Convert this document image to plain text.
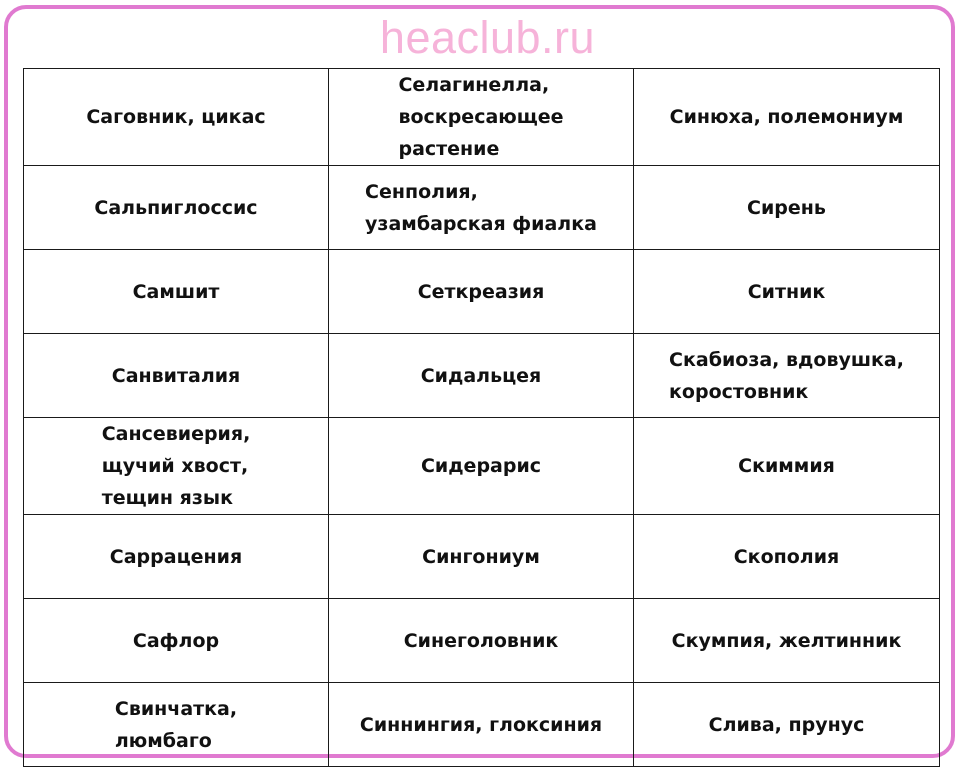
heaclub.ru
Саговник, цикас	Селагинелла,
воскресающее
растение	Синюха, полемониум
Сальпиглоссис	Сенполия,
узамбарская фиалка	Сирень
Самшит	Сеткреазия	Ситник
Санвиталия	Сидальцея	Скабиоза, вдовушка,
коростовник
Сансевиерия,
щучий хвост,
тещин язык	Сидерарис	Скиммия
Саррацения	Сингониум	Скополия
Сафлор	Синеголовник	Скумпия, желтинник
Свинчатка,
люмбаго	Синнингия, глоксиния	Слива, прунус
